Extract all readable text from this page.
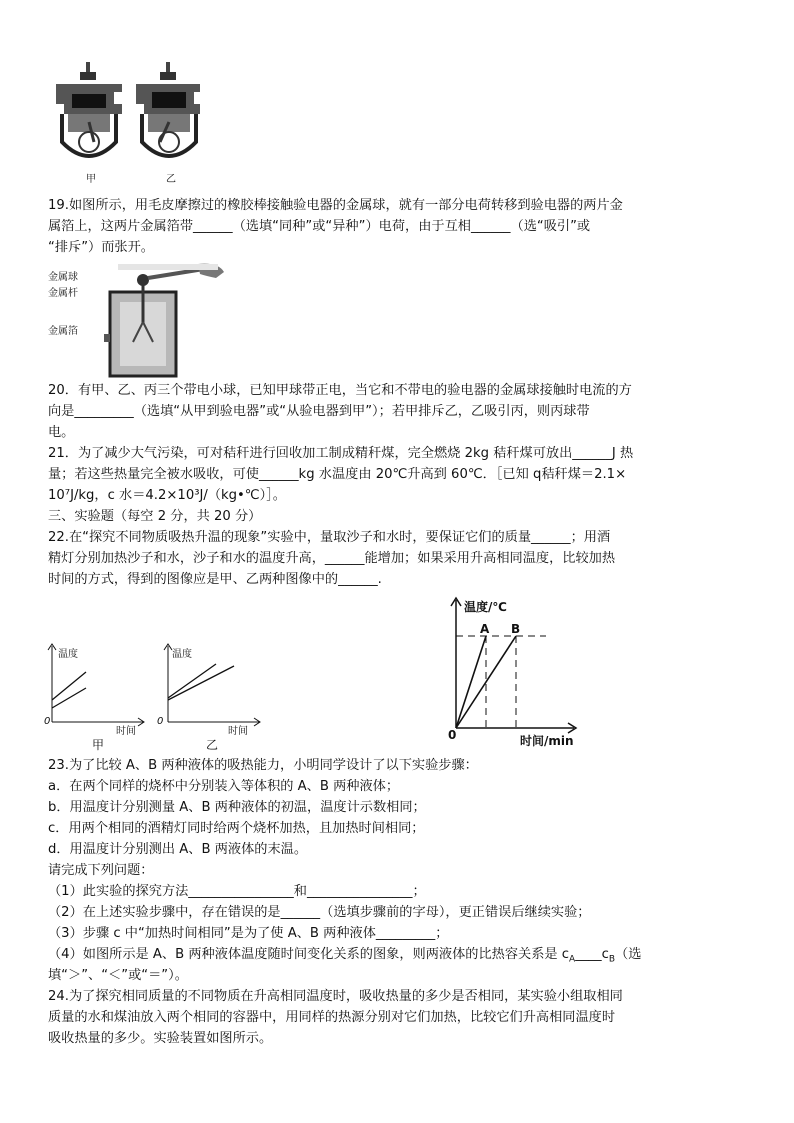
甲	乙
19.如图所示，用毛皮摩擦过的橡胶棒接触验电器的金属球，就有一部分电荷转移到验电器的两片金
属箔上，这两片金属箔带______（选填“同种”或“异种”）电荷，由于互相______（选“吸引”或
“排斥”）而张开。
金属球
金属杆
金属箔
20．有甲、乙、丙三个带电小球，已知甲球带正电，当它和不带电的验电器的金属球接触时电流的方
向是_________（选填“从甲到验电器”或“从验电器到甲”）；若甲排斥乙，乙吸引丙，则丙球带
电。
21．为了减少大气污染，可对秸秆进行回收加工制成精秆煤，完全燃烧 2kg 秸秆煤可放出______J 热
量；若这些热量完全被水吸收，可使______kg 水温度由 20℃升高到 60℃．［已知 q秸秆煤＝2.1×
10⁷J/kg，c 水＝4.2×10³J/（kg•℃）］。
三、实验题（每空 2 分，共 20 分）
22.在“探究不同物质吸热升温的现象”实验中，量取沙子和水时，要保证它们的质量______；用酒
精灯分别加热沙子和水，沙子和水的温度升高，______能增加；如果采用升高相同温度，比较加热
时间的方式，得到的图像应是甲、乙两种图像中的______.
温度
0
时间
甲
温度
0
时间
乙
温度/℃
A B
0	时间/min
23.为了比较 A、B 两种液体的吸热能力，小明同学设计了以下实验步骤：
a．在两个同样的烧杯中分别装入等体积的 A、B 两种液体；
b．用温度计分别测量 A、B 两种液体的初温，温度计示数相同；
c．用两个相同的酒精灯同时给两个烧杯加热，且加热时间相同；
d．用温度计分别测出 A、B 两液体的末温。
请完成下列问题：
（1）此实验的探究方法________________和________________；
（2）在上述实验步骤中，存在错误的是______（选填步骤前的字母），更正错误后继续实验；
（3）步骤 c 中“加热时间相同”是为了使 A、B 两种液体_________；
（4）如图所示是 A、B 两种液体温度随时间变化关系的图象，则两液体的比热容关系是 $c_A\_\_\_\_c_B$（选
填“＞”、“＜”或“＝”）。
24.为了探究相同质量的不同物质在升高相同温度时，吸收热量的多少是否相同，某实验小组取相同
质量的水和煤油放入两个相同的容器中，用同样的热源分别对它们加热，比较它们升高相同温度时
吸收热量的多少。实验装置如图所示。
